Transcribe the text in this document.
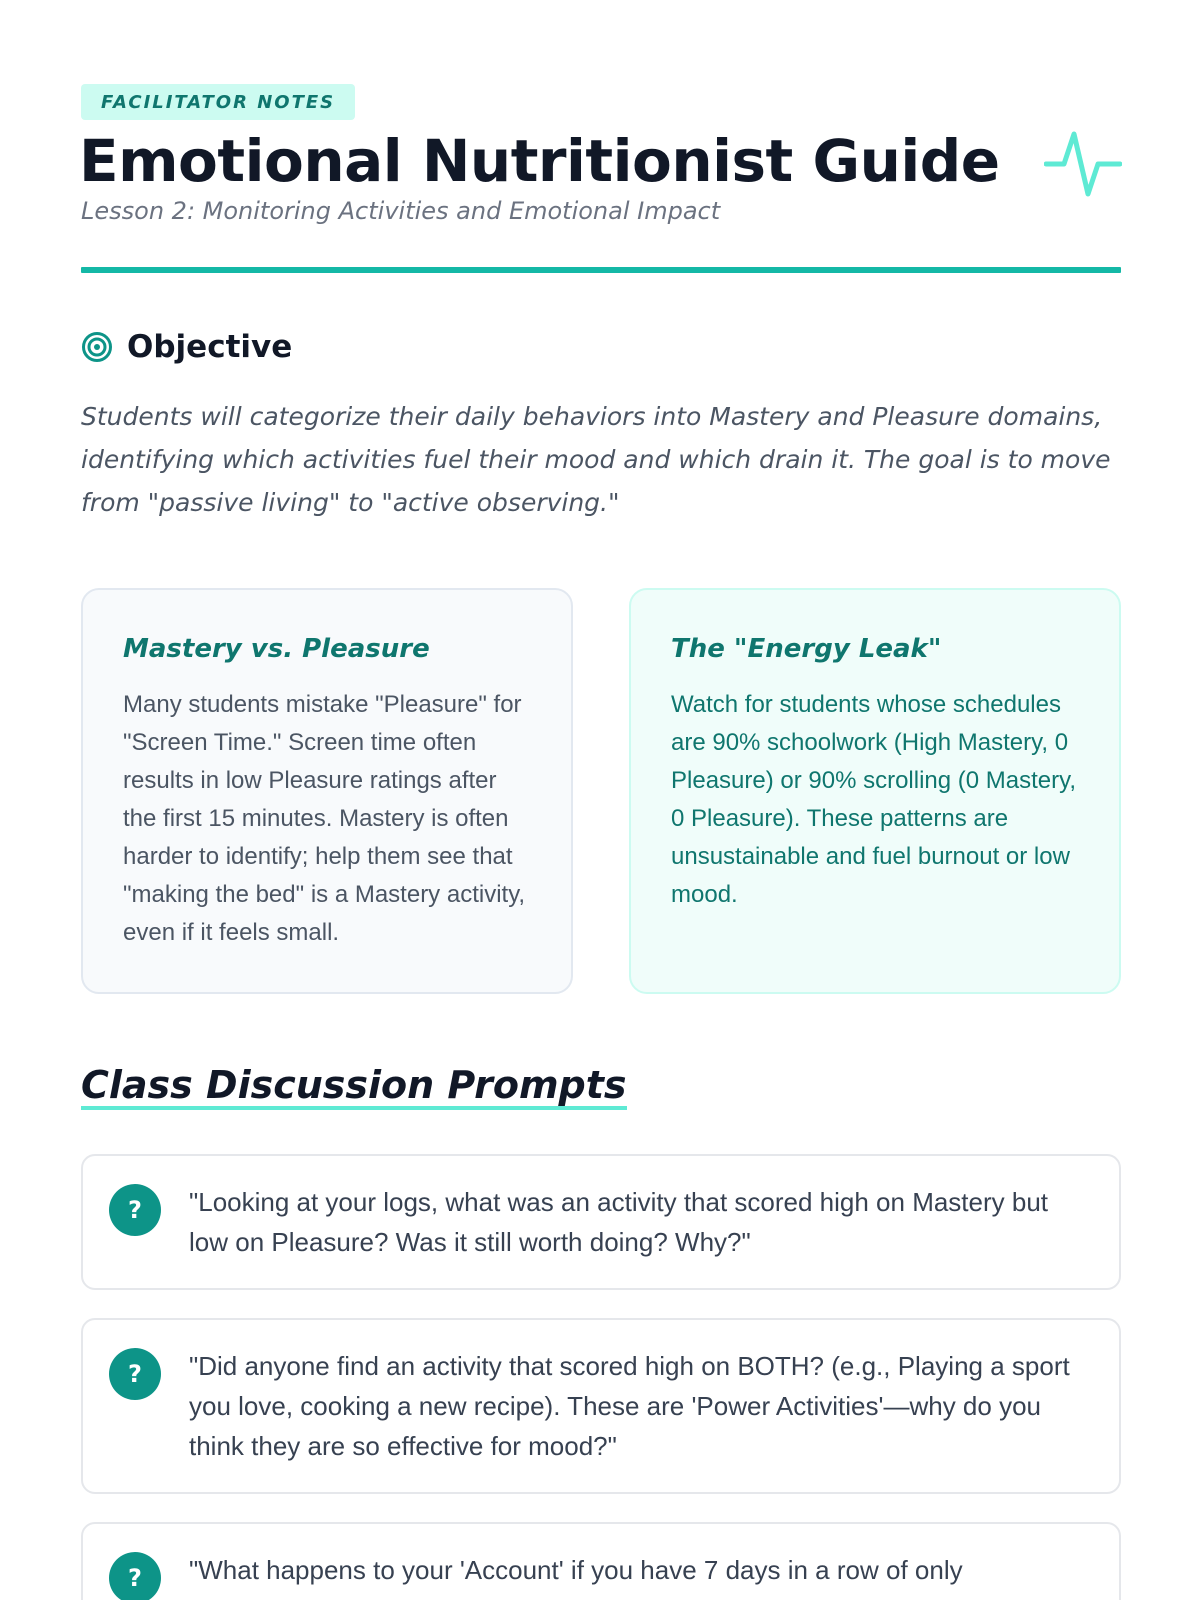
FACILITATOR NOTES
Emotional Nutritionist Guide
Lesson 2: Monitoring Activities and Emotional Impact
Objective
Students will categorize their daily behaviors into Mastery and Pleasure domains, identifying which activities fuel their mood and which drain it. The goal is to move from "passive living" to "active observing."
Mastery vs. Pleasure
Many students mistake "Pleasure" for "Screen Time." Screen time often results in low Pleasure ratings after the first 15 minutes. Mastery is often harder to identify; help them see that "making the bed" is a Mastery activity, even if it feels small.
The "Energy Leak"
Watch for students whose schedules are 90% schoolwork (High Mastery, 0 Pleasure) or 90% scrolling (0 Mastery, 0 Pleasure). These patterns are unsustainable and fuel burnout or low mood.
Class Discussion Prompts
?	"Looking at your logs, what was an activity that scored high on Mastery but low on Pleasure? Was it still worth doing? Why?"
?	"Did anyone find an activity that scored high on BOTH? (e.g., Playing a sport you love, cooking a new recipe). These are 'Power Activities'—why do you think they are so effective for mood?"
?	"What happens to your 'Account' if you have 7 days in a row of only
